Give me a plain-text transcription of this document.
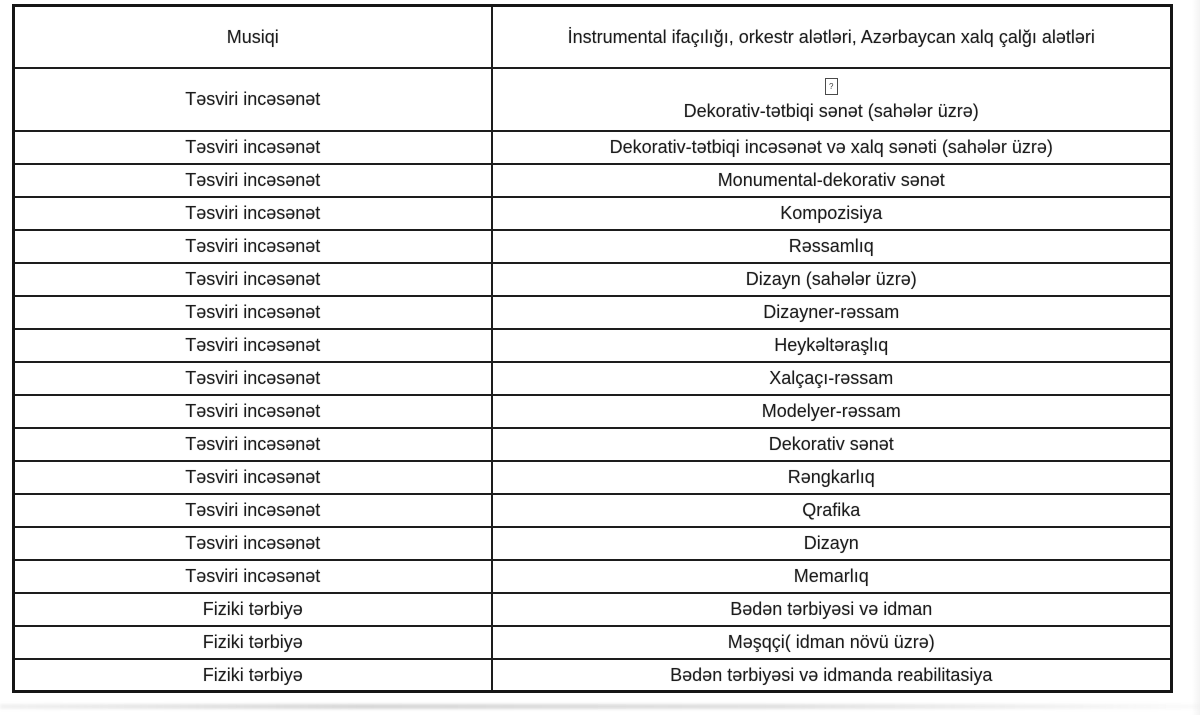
Musiqi	İnstrumental ifaçılığı, orkestr alətləri, Azərbaycan xalq çalğı alətləri
Təsviri incəsənət	?
Dekorativ-tətbiqi sənət (sahələr üzrə)

Təsviri incəsənət	Dekorativ-tətbiqi incəsənət və xalq sənəti (sahələr üzrə)
Təsviri incəsənət	Monumental-dekorativ sənət
Təsviri incəsənət	Kompozisiya
Təsviri incəsənət	Rəssamlıq
Təsviri incəsənət	Dizayn (sahələr üzrə)
Təsviri incəsənət	Dizayner-rəssam
Təsviri incəsənət	Heykəltəraşlıq
Təsviri incəsənət	Xalçaçı-rəssam
Təsviri incəsənət	Modelyer-rəssam
Təsviri incəsənət	Dekorativ sənət
Təsviri incəsənət	Rəngkarlıq
Təsviri incəsənət	Qrafika
Təsviri incəsənət	Dizayn
Təsviri incəsənət	Memarlıq
Fiziki tərbiyə	Bədən tərbiyəsi və idman
Fiziki tərbiyə	Məşqçi( idman növü üzrə)
Fiziki tərbiyə	Bədən tərbiyəsi və idmanda reabilitasiya
